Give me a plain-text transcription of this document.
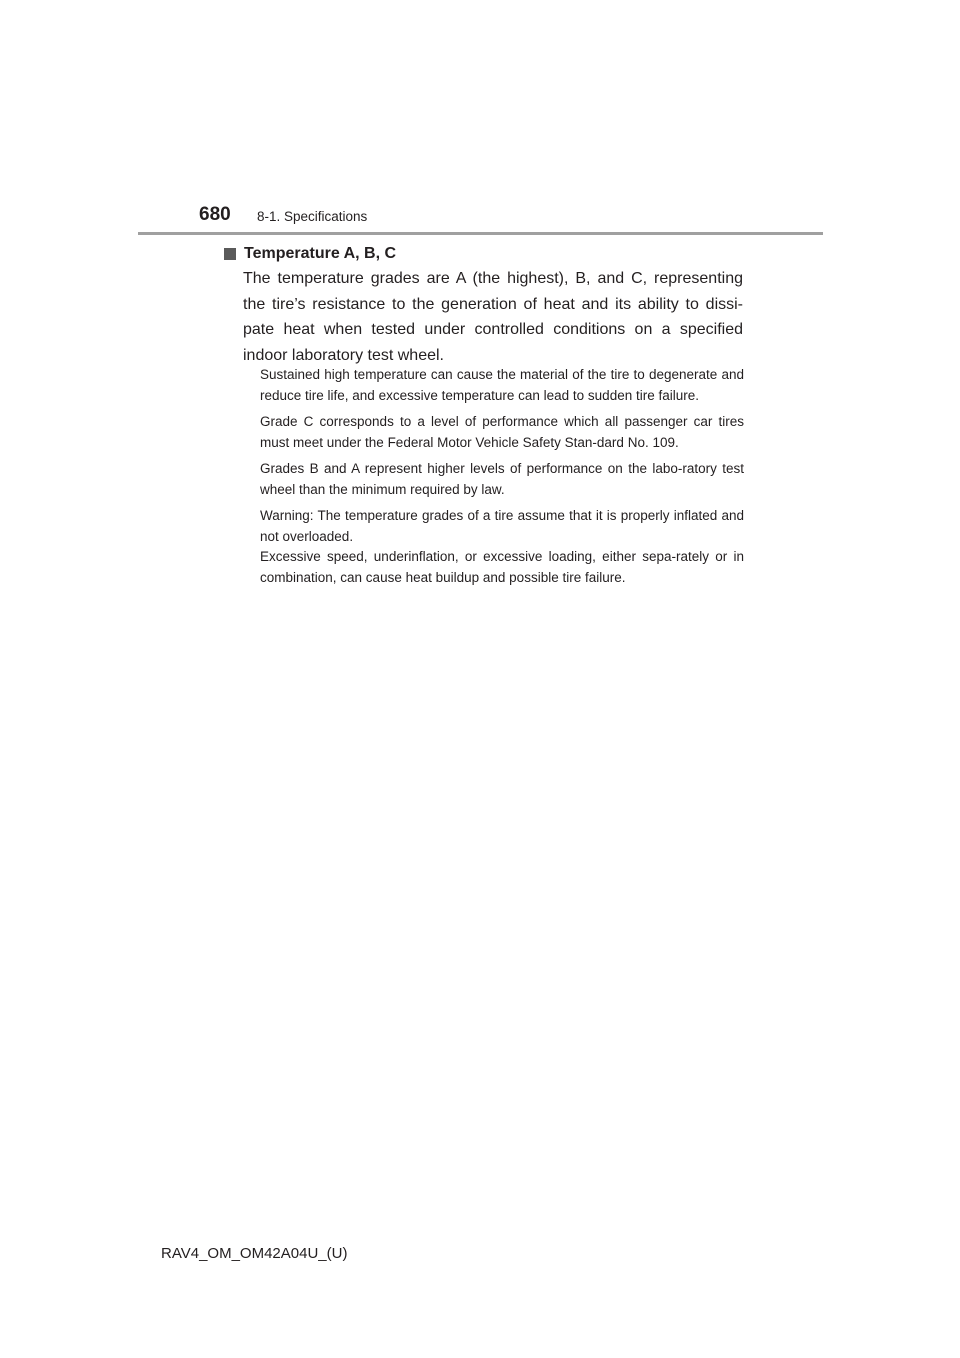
680 8-1. Specifications
Temperature A, B, C

The temperature grades are A (the highest), B, and C, representing the tire’s resistance to the generation of heat and its ability to dissi-pate heat when tested under controlled conditions on a specified indoor laboratory test wheel.

Sustained high temperature can cause the material of the tire to degenerate and reduce tire life, and excessive temperature can lead to sudden tire failure.

Grade C corresponds to a level of performance which all passenger car tires must meet under the Federal Motor Vehicle Safety Stan-dard No. 109.

Grades B and A represent higher levels of performance on the labo-ratory test wheel than the minimum required by law.

Warning: The temperature grades of a tire assume that it is properly inflated and not overloaded.

Excessive speed, underinflation, or excessive loading, either sepa-rately or in combination, can cause heat buildup and possible tire failure.

RAV4_OM_OM42A04U_(U)
